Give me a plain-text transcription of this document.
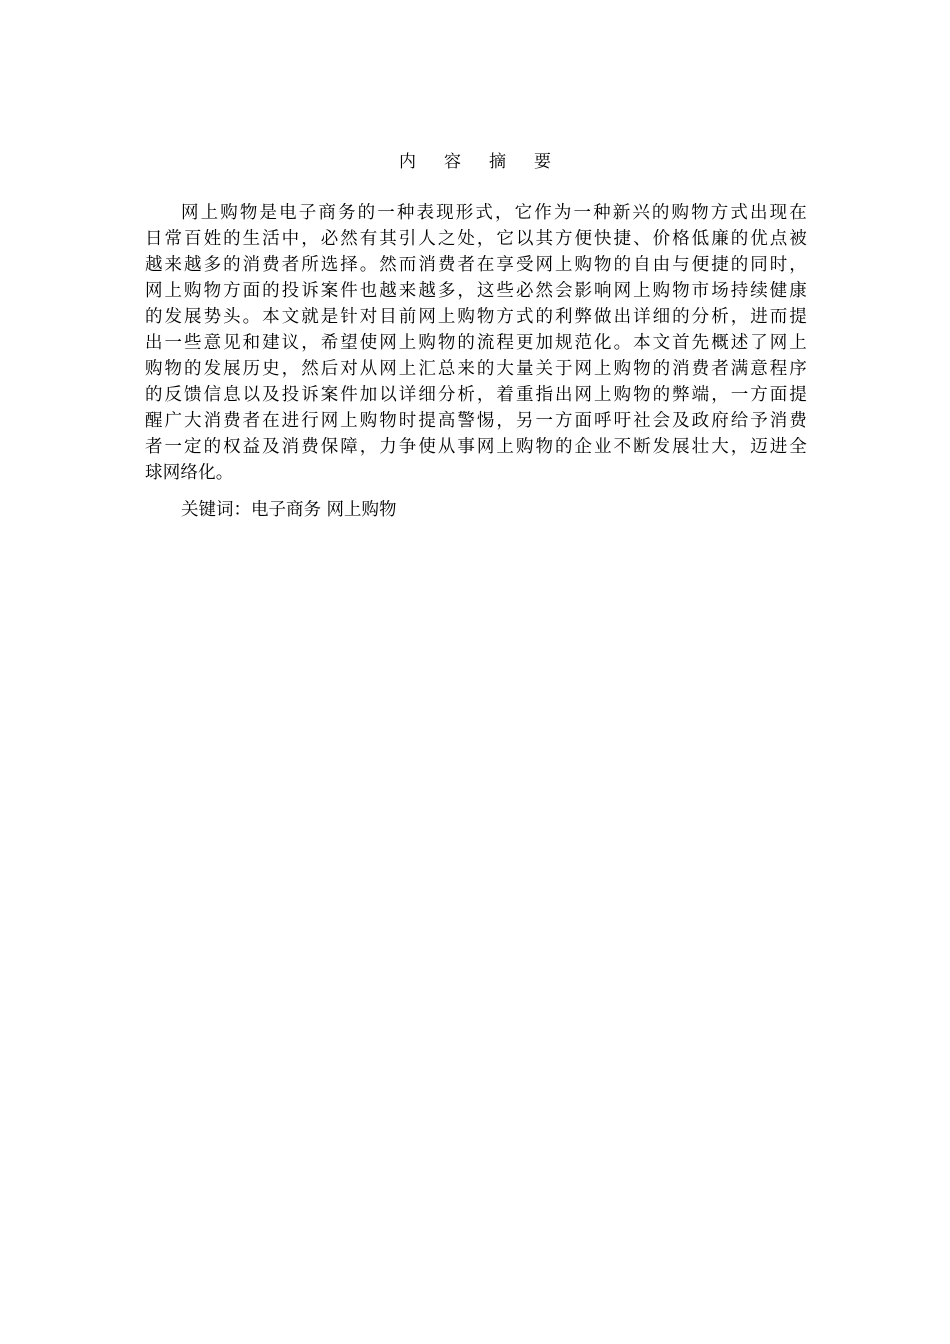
内容摘要

网上购物是电子商务的一种表现形式，它作为一种新兴的购物方式出现在
日常百姓的生活中，必然有其引人之处，它以其方便快捷、价格低廉的优点被
越来越多的消费者所选择。然而消费者在享受网上购物的自由与便捷的同时，
网上购物方面的投诉案件也越来越多，这些必然会影响网上购物市场持续健康
的发展势头。本文就是针对目前网上购物方式的利弊做出详细的分析，进而提
出一些意见和建议，希望使网上购物的流程更加规范化。本文首先概述了网上
购物的发展历史，然后对从网上汇总来的大量关于网上购物的消费者满意程序
的反馈信息以及投诉案件加以详细分析，着重指出网上购物的弊端，一方面提
醒广大消费者在进行网上购物时提高警惕，另一方面呼吁社会及政府给予消费
者一定的权益及消费保障，力争使从事网上购物的企业不断发展壮大，迈进全
球网络化。

关键词：电子商务 网上购物
